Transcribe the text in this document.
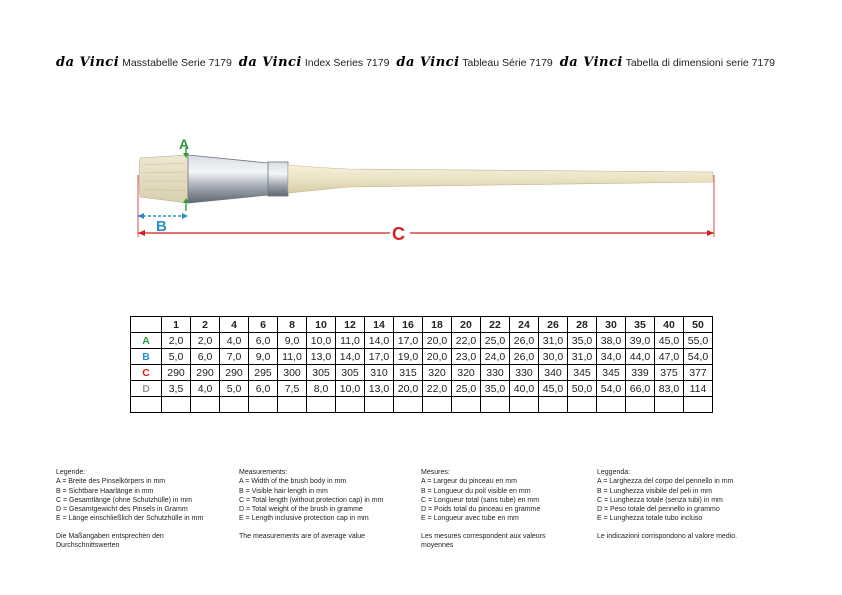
da Vinci Masstabelle Serie 7179 da Vinci Index Series 7179 da Vinci Tableau Série 7179 da Vinci Tabella di dimensioni serie 7179
A
B	C
	1	2	4	6	8	10	12	14	16	18	20	22	24	26	28	30	35	40	50
A	2,0	2,0	4,0	6,0	9,0	10,0	11,0	14,0	17,0	20,0	22,0	25,0	26,0	31,0	35,0	38,0	39,0	45,0	55,0
B	5,0	6,0	7,0	9,0	11,0	13,0	14,0	17,0	19,0	20,0	23,0	24,0	26,0	30,0	31,0	34,0	44,0	47,0	54,0
C	290	290	290	295	300	305	305	310	315	320	320	330	330	340	345	345	339	375	377
D	3,5	4,0	5,0	6,0	7,5	8,0	10,0	13,0	20,0	22,0	25,0	35,0	40,0	45,0	50,0	54,0	66,0	83,0	114

Legende:
A = Breite des Pinselkörpers in mm
B = Sichtbare Haarlänge in mm
C = Gesamtlänge (ohne Schutzhülle) in mm
D = Gesamtgewicht des Pinsels in Gramm
E = Länge einschließlich der Schutzhülle in mm
Die Maßangaben entsprechen den
Durchschnittswerten
Measurements:
A = Width of the brush body in mm
B = Visible hair length in mm
C = Total length (without protection cap) in mm
D = Total weight of the brush in gramme
E = Length inclusive protection cap in mm
The measurements are of average value
Mesures:
A = Largeur du pinceau en mm
B = Longueur du poil visible en mm
C = Longueur total (sans tube) en mm
D = Poids total du pinceau en gramme
E = Longueur avec tube en mm
Les mesures correspondent aux valeurs
moyennes
Leggenda:
A = Larghezza del corpo del pennello in mm
B = Lunghezza visibile del peli in mm
C = Lunghezza totale (senza tubi) in mm
D = Peso totale del pennello in grammo
E = Lunghezza totale tubo incluso
Le indicazioni corrispondono al valore medio.
